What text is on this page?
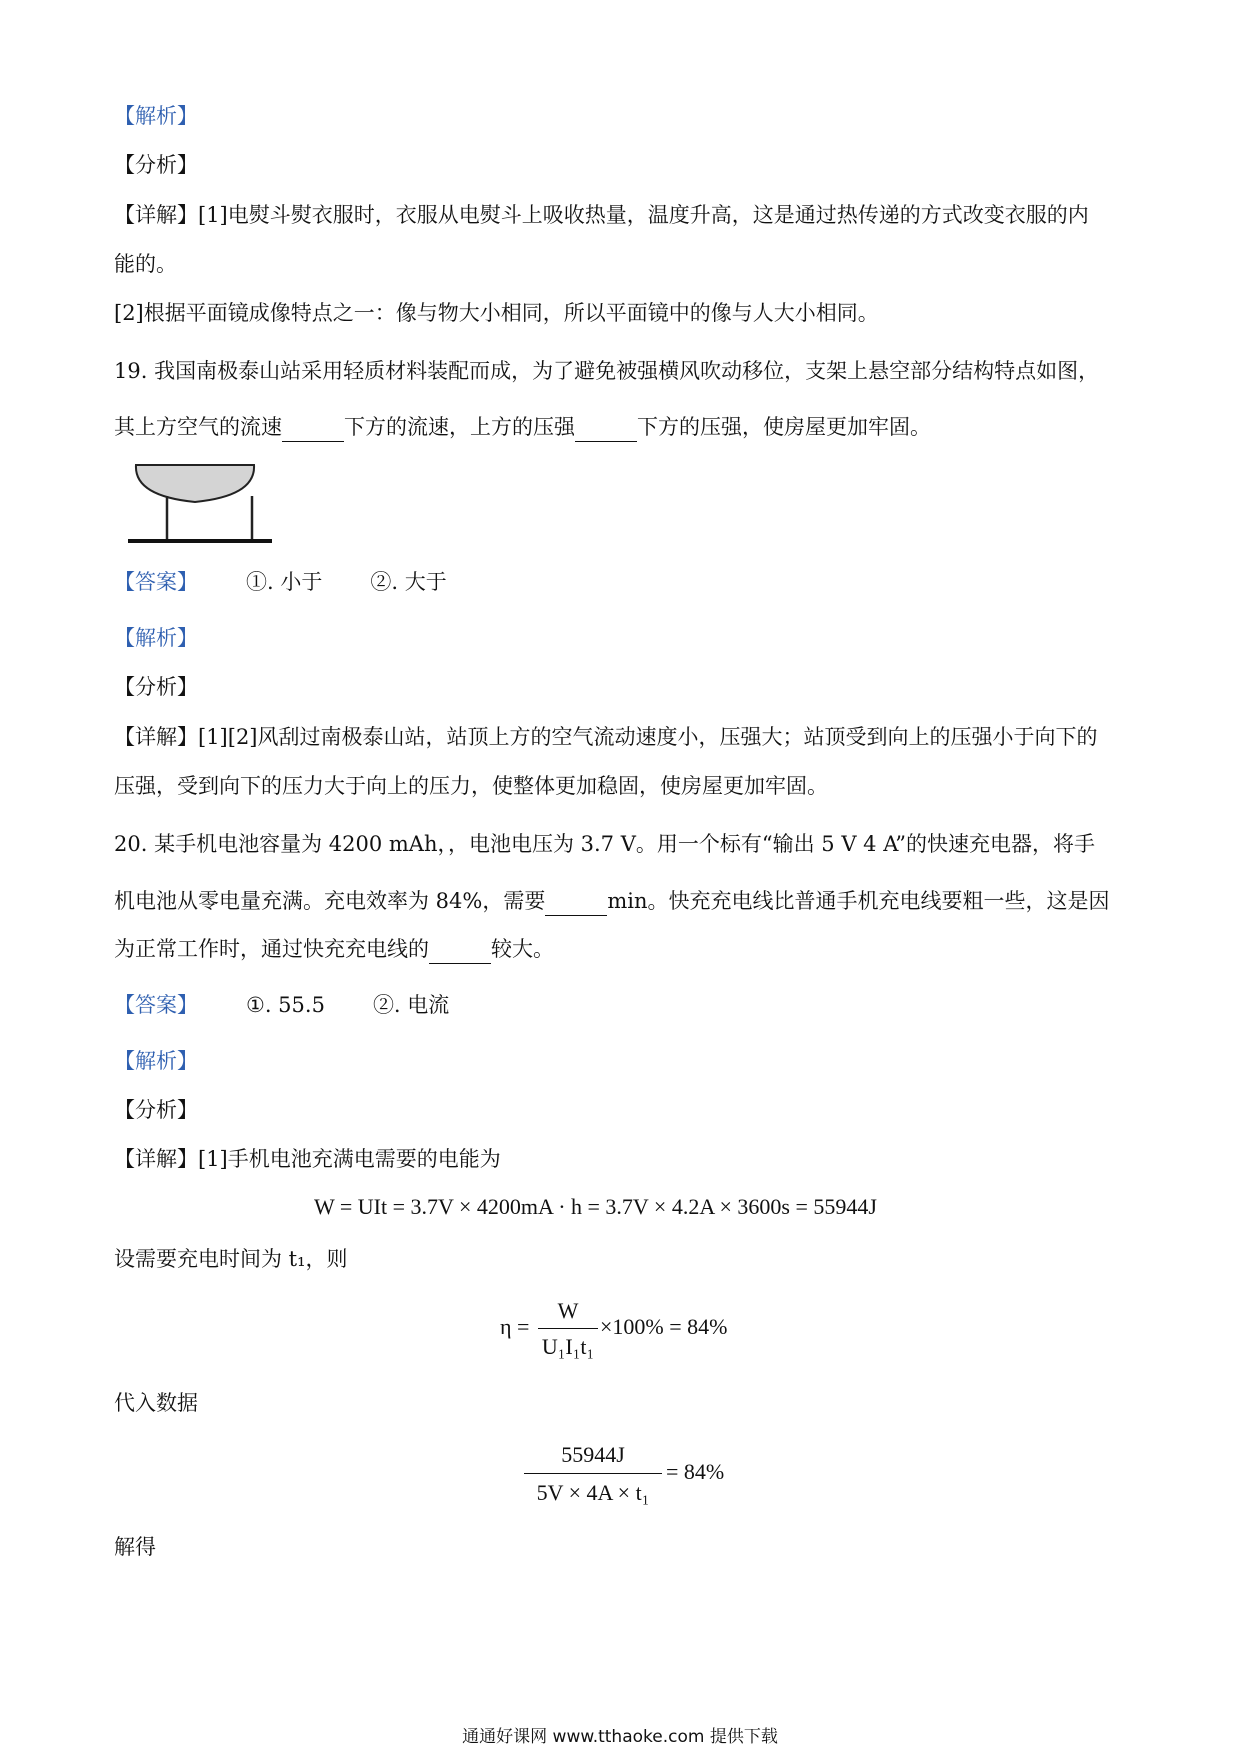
【解析】
【分析】
【详解】[1]电熨斗熨衣服时，衣服从电熨斗上吸收热量，温度升高，这是通过热传递的方式改变衣服的内
能的。
[2]根据平面镜成像特点之一：像与物大小相同，所以平面镜中的像与人大小相同。
19. 我国南极泰山站采用轻质材料装配而成，为了避免被强横风吹动移位，支架上悬空部分结构特点如图，
其上方空气的流速	下方的流速，上方的压强	下方的压强，使房屋更加牢固。
【答案】 ①. 小于 ②. 大于
【解析】
【分析】
【详解】[1][2]风刮过南极泰山站，站顶上方的空气流动速度小，压强大；站顶受到向上的压强小于向下的
压强，受到向下的压力大于向上的压力，使整体更加稳固，使房屋更加牢固。
20. 某手机电池容量为 4200 mAh，，电池电压为 3.7 V。用一个标有“输出 5 V 4 A”的快速充电器，将手
机电池从零电量充满。充电效率为 84%，需要	min。快充充电线比普通手机充电线要粗一些，这是因
为正常工作时，通过快充充电线的	较大。
【答案】 ①. 55.5 ②. 电流
【解析】
【分析】
【详解】[1]手机电池充满电需要的电能为
W = UIt = 3.7V × 4200mA · h = 3.7V × 4.2A × 3600s = 55944J
设需要充电时间为 t₁，则
η =
W
U₁I₁t₁
×100% = 84%
代入数据
55944J
5V × 4A × t₁
= 84%
解得
通通好课网 www.tthaoke.com 提供下载
